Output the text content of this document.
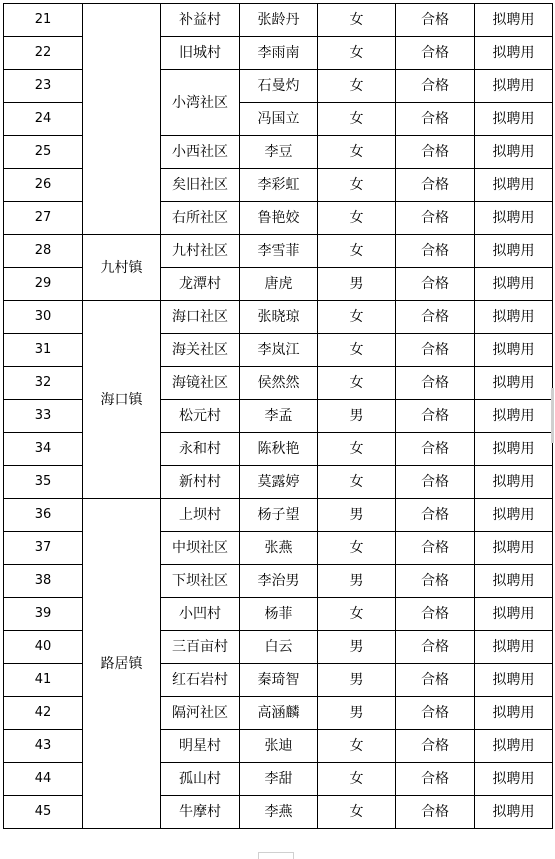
21		补益村	张龄丹	女	合格	拟聘用
22		旧城村	李雨南	女	合格	拟聘用
23		小湾社区	石曼灼	女	合格	拟聘用
24			冯国立	女	合格	拟聘用
25		小西社区	李豆	女	合格	拟聘用
26		矣旧社区	李彩虹	女	合格	拟聘用
27		右所社区	鲁艳姣	女	合格	拟聘用
28	九村镇	九村社区	李雪菲	女	合格	拟聘用
29		龙潭村	唐虎	男	合格	拟聘用
30	海口镇	海口社区	张晓琼	女	合格	拟聘用
31		海关社区	李岚江	女	合格	拟聘用
32		海镜社区	侯然然	女	合格	拟聘用
33		松元村	李孟	男	合格	拟聘用
34		永和村	陈秋艳	女	合格	拟聘用
35		新村村	莫露婷	女	合格	拟聘用
36	路居镇	上坝村	杨子望	男	合格	拟聘用
37		中坝社区	张燕	女	合格	拟聘用
38		下坝社区	李治男	男	合格	拟聘用
39		小凹村	杨菲	女	合格	拟聘用
40		三百亩村	白云	男	合格	拟聘用
41		红石岩村	秦琦智	男	合格	拟聘用
42		隔河社区	高涵麟	男	合格	拟聘用
43		明星村	张迪	女	合格	拟聘用
44		孤山村	李甜	女	合格	拟聘用
45		牛摩村	李燕	女	合格	拟聘用
